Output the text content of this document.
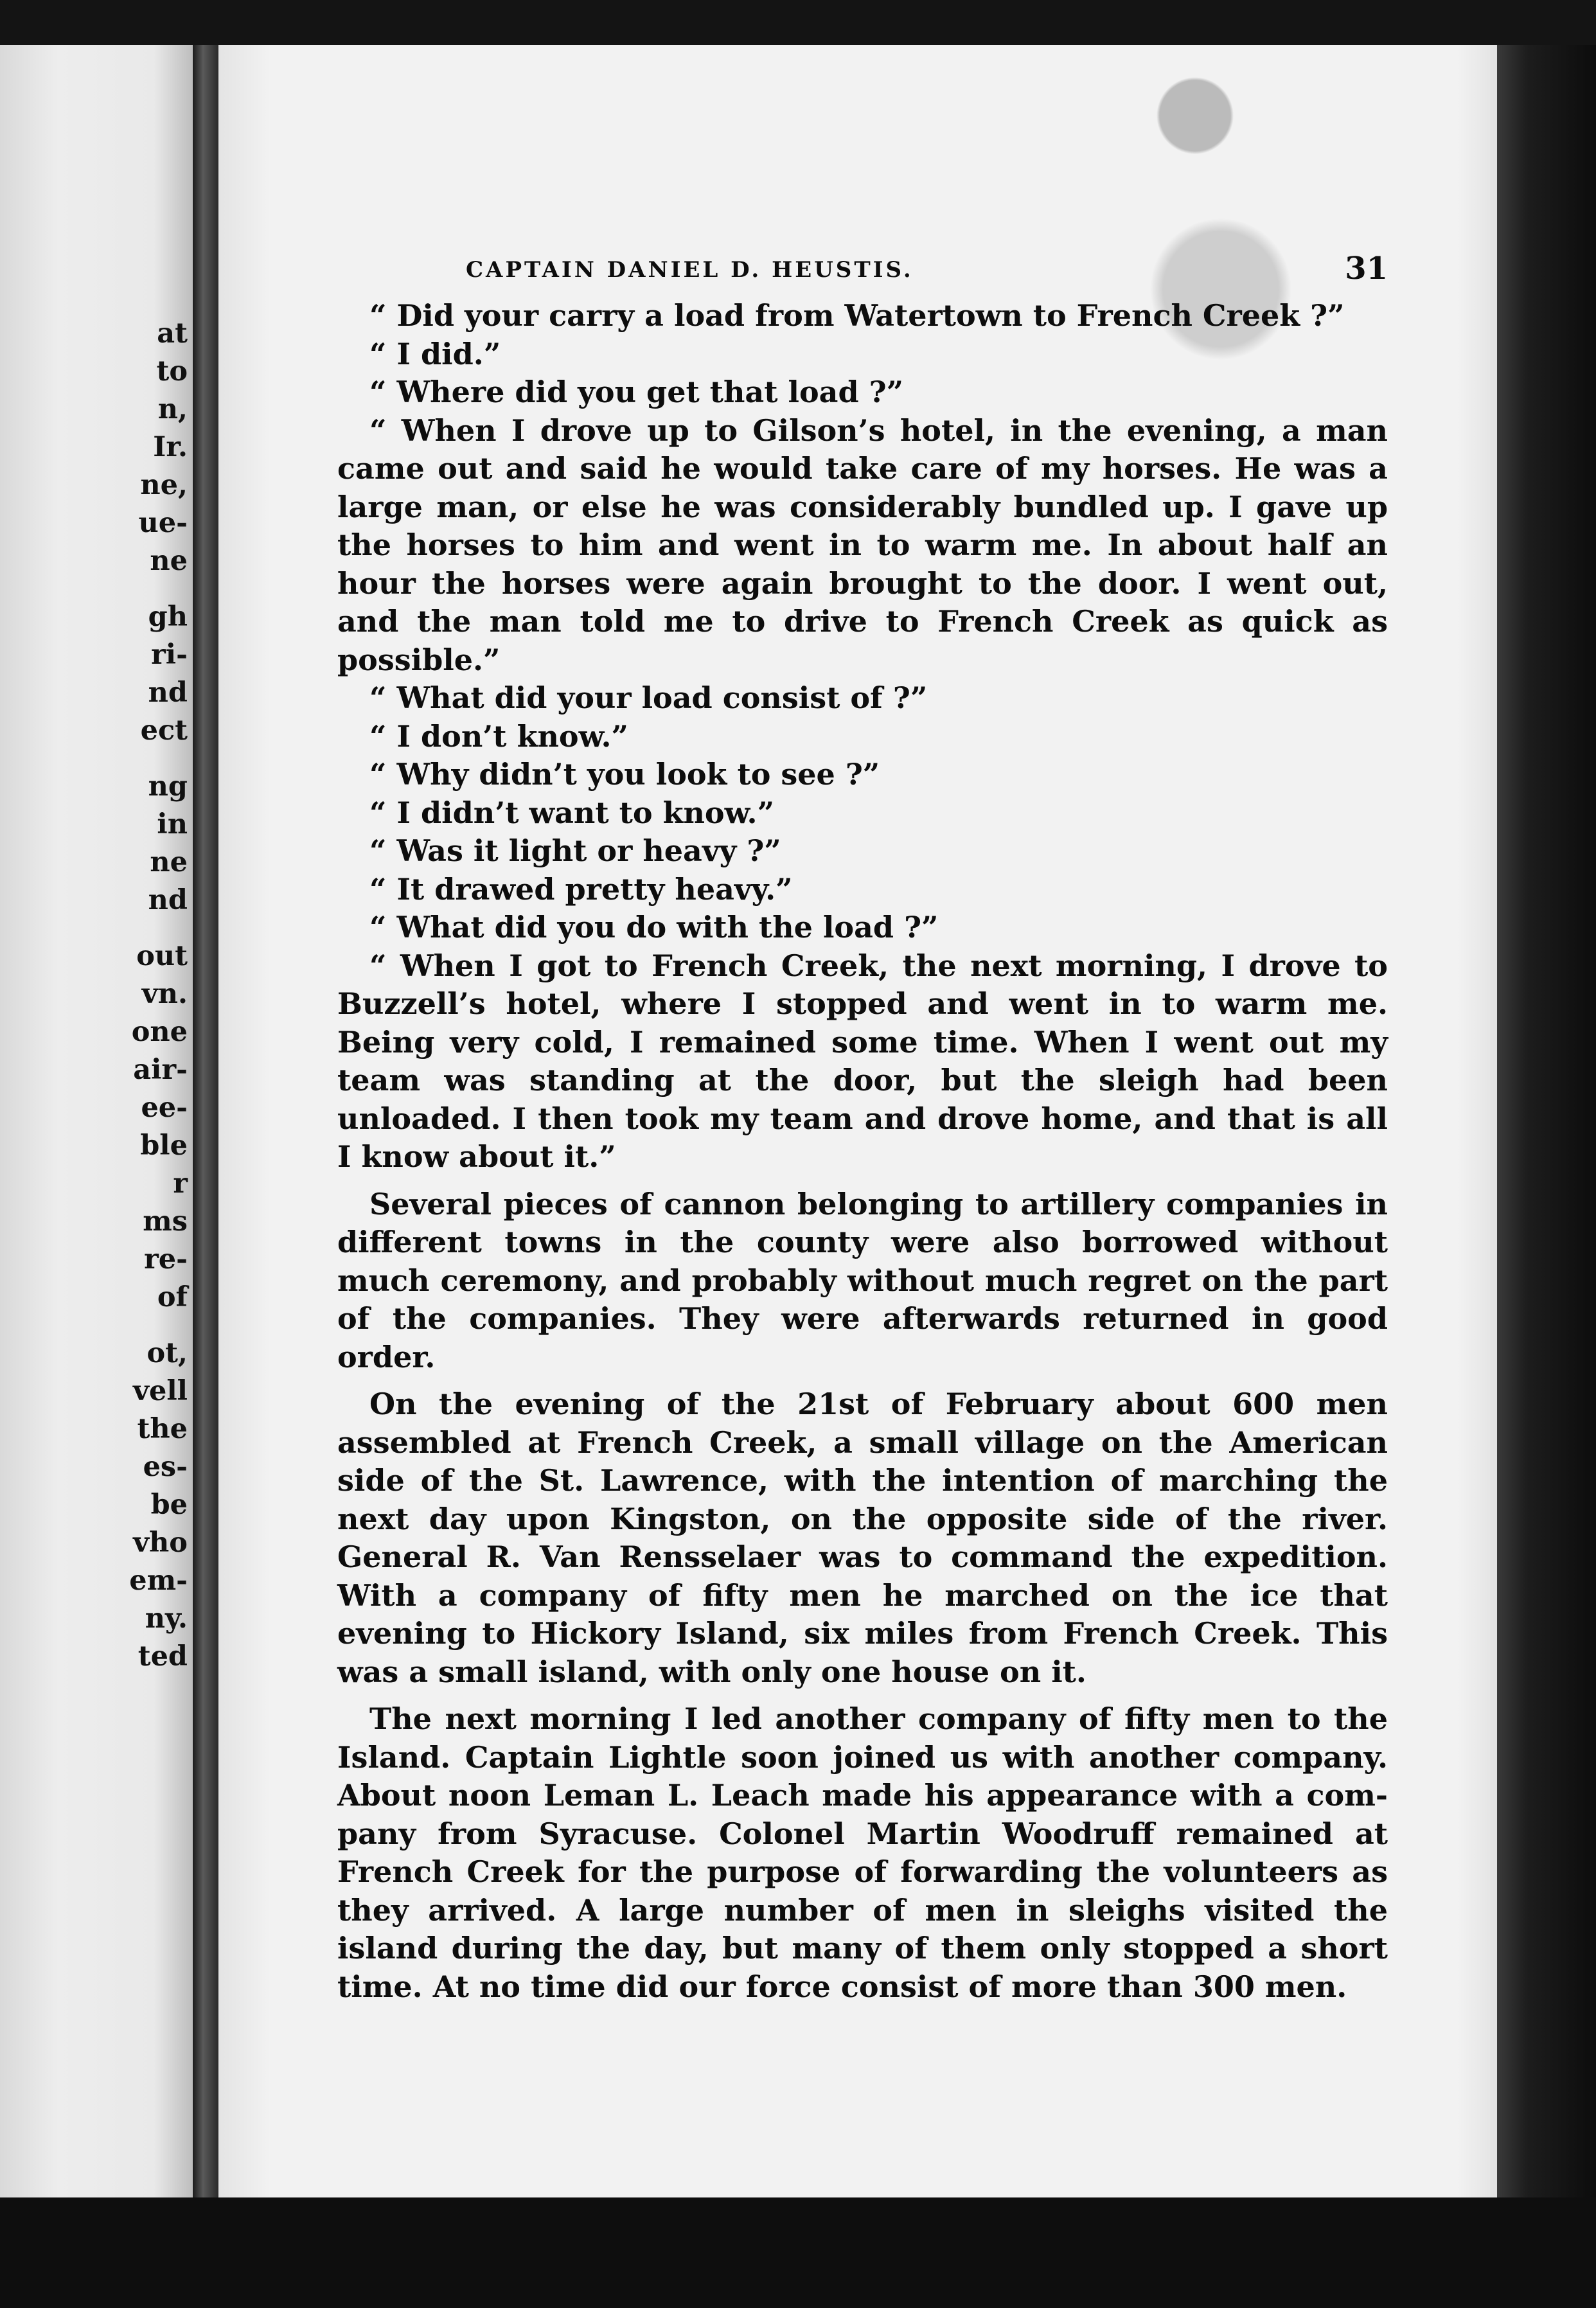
at
to
n,
Ir.
ne,
ue-
ne
gh
ri-
nd
ect
ng
in
ne
nd
out
vn.
one
air-
ee-
ble
r
ms
re-
of
ot,
vell
the
es-
be
vho
em-
ny.
ted
CAPTAIN DANIEL D. HEUSTIS.	31

“ Did your carry a load from Watertown to French Creek ?”

“ I did.”

“ Where did you get that load ?”

“ When I drove up to Gilson’s hotel, in the evening, a man came out and said he would take care of my horses. He was a large man, or else he was considerably bundled up. I gave up the horses to him and went in to warm me. In about half an hour the horses were again brought to the door. I went out, and the man told me to drive to French Creek as quick as possible.”

“ What did your load consist of ?”

“ I don’t know.”

“ Why didn’t you look to see ?”

“ I didn’t want to know.”

“ Was it light or heavy ?”

“ It drawed pretty heavy.”

“ What did you do with the load ?”

“ When I got to French Creek, the next morning, I drove to Buzzell’s hotel, where I stopped and went in to warm me. Being very cold, I remained some time. When I went out my team was standing at the door, but the sleigh had been unloaded. I then took my team and drove home, and that is all I know about it.”

Several pieces of cannon belonging to artillery companies in different towns in the county were also borrowed without much ceremony, and probably without much regret on the part of the companies. They were afterwards returned in good order.

On the evening of the 21st of February about 600 men assembled at French Creek, a small village on the American side of the St. Lawrence, with the intention of marching the next day upon Kingston, on the opposite side of the river. General R. Van Rensselaer was to command the expedition. With a company of fifty men he marched on the ice that evening to Hickory Island, six miles from French Creek. This was a small island, with only one house on it.

The next morning I led another company of fifty men to the Island. Captain Lightle soon joined us with another company. About noon Leman L. Leach made his appearance with a company from Syracuse. Colonel Martin Woodruff remained at French Creek for the purpose of forwarding the volunteers as they arrived. A large number of men in sleighs visited the island during the day, but many of them only stopped a short time. At no time did our force consist of more than 300 men.
